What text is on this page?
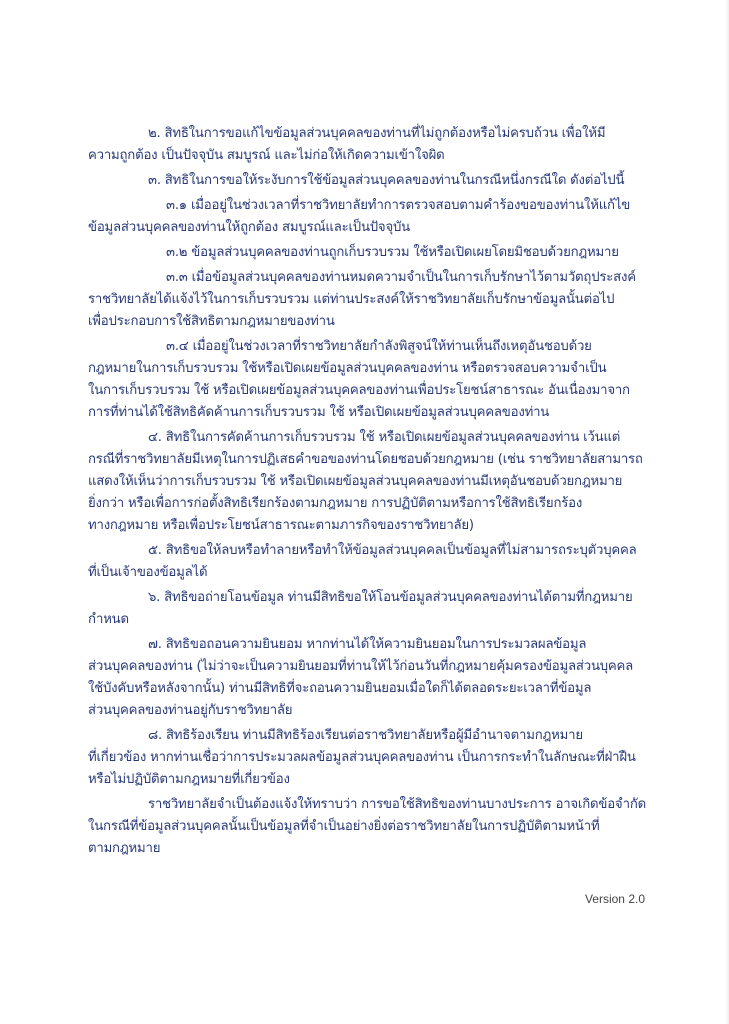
๒. สิทธิในการขอแก้ไขข้อมูลส่วนบุคคลของท่านที่ไม่ถูกต้องหรือไม่ครบถ้วน เพื่อให้มี
ความถูกต้อง เป็นปัจจุบัน สมบูรณ์ และไม่ก่อให้เกิดความเข้าใจผิด
๓. สิทธิในการขอให้ระงับการใช้ข้อมูลส่วนบุคคลของท่านในกรณีหนึ่งกรณีใด ดังต่อไปนี้
๓.๑ เมื่ออยู่ในช่วงเวลาที่ราชวิทยาลัยทำการตรวจสอบตามคำร้องขอของท่านให้แก้ไข
ข้อมูลส่วนบุคคลของท่านให้ถูกต้อง สมบูรณ์และเป็นปัจจุบัน
๓.๒ ข้อมูลส่วนบุคคลของท่านถูกเก็บรวบรวม ใช้หรือเปิดเผยโดยมิชอบด้วยกฎหมาย
๓.๓ เมื่อข้อมูลส่วนบุคคลของท่านหมดความจำเป็นในการเก็บรักษาไว้ตามวัตถุประสงค์
ราชวิทยาลัยได้แจ้งไว้ในการเก็บรวบรวม แต่ท่านประสงค์ให้ราชวิทยาลัยเก็บรักษาข้อมูลนั้นต่อไป
เพื่อประกอบการใช้สิทธิตามกฎหมายของท่าน
๓.๔ เมื่ออยู่ในช่วงเวลาที่ราชวิทยาลัยกำลังพิสูจน์ให้ท่านเห็นถึงเหตุอันชอบด้วย
กฎหมายในการเก็บรวบรวม ใช้หรือเปิดเผยข้อมูลส่วนบุคคลของท่าน หรือตรวจสอบความจำเป็น
ในการเก็บรวบรวม ใช้ หรือเปิดเผยข้อมูลส่วนบุคคลของท่านเพื่อประโยชน์สาธารณะ อันเนื่องมาจาก
การที่ท่านได้ใช้สิทธิคัดค้านการเก็บรวบรวม ใช้ หรือเปิดเผยข้อมูลส่วนบุคคลของท่าน
๔. สิทธิในการคัดค้านการเก็บรวบรวม ใช้ หรือเปิดเผยข้อมูลส่วนบุคคลของท่าน เว้นแต่
กรณีที่ราชวิทยาลัยมีเหตุในการปฏิเสธคำขอของท่านโดยชอบด้วยกฎหมาย (เช่น ราชวิทยาลัยสามารถ
แสดงให้เห็นว่าการเก็บรวบรวม ใช้ หรือเปิดเผยข้อมูลส่วนบุคคลของท่านมีเหตุอันชอบด้วยกฎหมาย
ยิ่งกว่า หรือเพื่อการก่อตั้งสิทธิเรียกร้องตามกฎหมาย การปฏิบัติตามหรือการใช้สิทธิเรียกร้อง
ทางกฎหมาย หรือเพื่อประโยชน์สาธารณะตามภารกิจของราชวิทยาลัย)
๕. สิทธิขอให้ลบหรือทำลายหรือทำให้ข้อมูลส่วนบุคคลเป็นข้อมูลที่ไม่สามารถระบุตัวบุคคล
ที่เป็นเจ้าของข้อมูลได้
๖. สิทธิขอถ่ายโอนข้อมูล ท่านมีสิทธิขอให้โอนข้อมูลส่วนบุคคลของท่านได้ตามที่กฎหมาย
กำหนด
๗. สิทธิขอถอนความยินยอม หากท่านได้ให้ความยินยอมในการประมวลผลข้อมูล
ส่วนบุคคลของท่าน (ไม่ว่าจะเป็นความยินยอมที่ท่านให้ไว้ก่อนวันที่กฎหมายคุ้มครองข้อมูลส่วนบุคคล
ใช้บังคับหรือหลังจากนั้น) ท่านมีสิทธิที่จะถอนความยินยอมเมื่อใดก็ได้ตลอดระยะเวลาที่ข้อมูล
ส่วนบุคคลของท่านอยู่กับราชวิทยาลัย
๘. สิทธิร้องเรียน ท่านมีสิทธิร้องเรียนต่อราชวิทยาลัยหรือผู้มีอำนาจตามกฎหมาย
ที่เกี่ยวข้อง หากท่านเชื่อว่าการประมวลผลข้อมูลส่วนบุคคลของท่าน เป็นการกระทำในลักษณะที่ฝ่าฝืน
หรือไม่ปฏิบัติตามกฎหมายที่เกี่ยวข้อง
ราชวิทยาลัยจำเป็นต้องแจ้งให้ทราบว่า การขอใช้สิทธิของท่านบางประการ อาจเกิดข้อจำกัด
ในกรณีที่ข้อมูลส่วนบุคคลนั้นเป็นข้อมูลที่จำเป็นอย่างยิ่งต่อราชวิทยาลัยในการปฏิบัติตามหน้าที่
ตามกฎหมาย
Version 2.0
